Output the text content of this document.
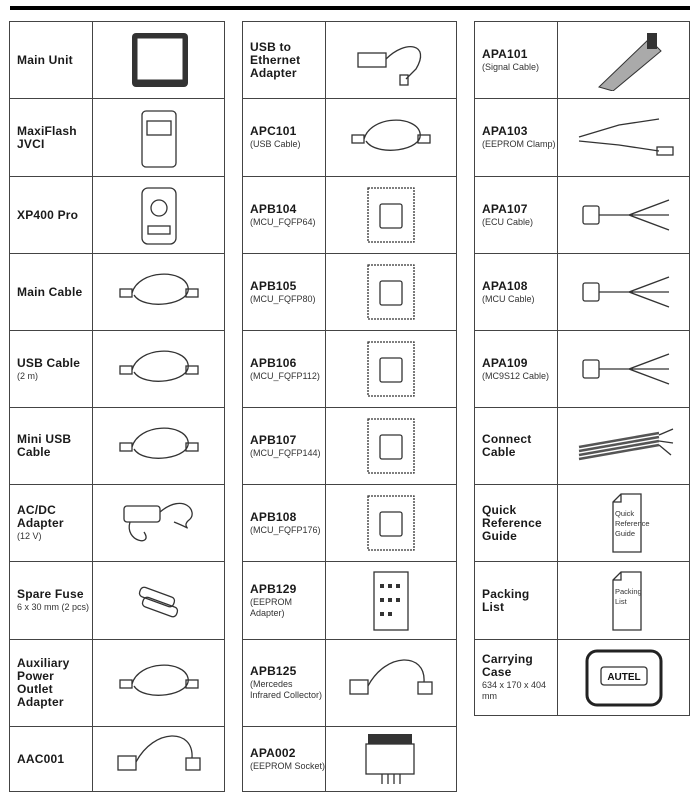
Main Unit
MaxiFlash
JVCI
XP400 Pro
Main Cable
USB Cable
(2 m)
Mini USB
Cable
AC/DC
Adapter
(12 V)
Spare Fuse
6 x 30 mm (2 pcs)
Auxiliary
Power
Outlet
Adapter
AAC001
USB to
Ethernet
Adapter
APC101
(USB Cable)
APB104
(MCU_FQFP64)
APB105
(MCU_FQFP80)
APB106
(MCU_FQFP112)
APB107
(MCU_FQFP144)
APB108
(MCU_FQFP176)
APB129
(EEPROM
Adapter)
APB125
(Mercedes
Infrared Collector)
APA002
(EEPROM Socket)
APA101
(Signal Cable)
APA103
(EEPROM Clamp)
APA107
(ECU Cable)
APA108
(MCU Cable)
APA109
(MC9S12 Cable)
Connect
Cable
Quick
Reference
Guide
Quick
Reference
Guide
Packing
List
Packing
List
Carrying
Case
634 x 170 x 404 mm
AUTEL
